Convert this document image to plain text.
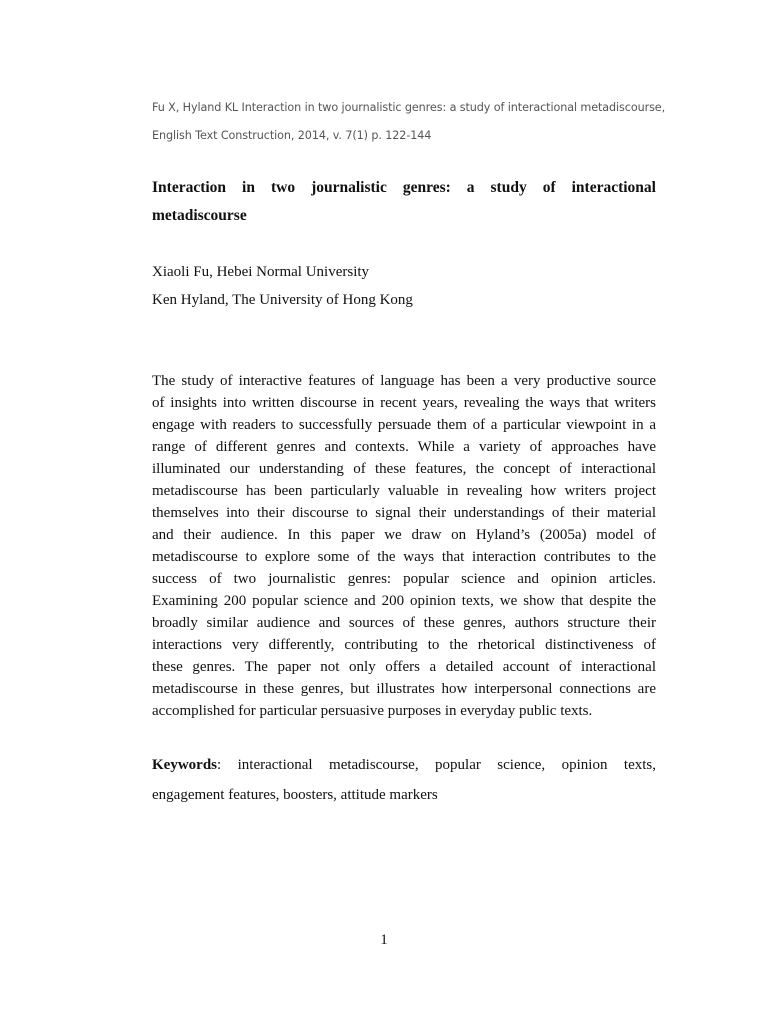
Fu X, Hyland KL Interaction in two journalistic genres: a study of interactional metadiscourse,
English Text Construction, 2014, v. 7(1) p. 122-144
Interaction in two journalistic genres: a study of interactional
metadiscourse
Xiaoli Fu, Hebei Normal University
Ken Hyland, The University of Hong Kong
The study of interactive features of language has been a very productive source
of insights into written discourse in recent years, revealing the ways that writers
engage with readers to successfully persuade them of a particular viewpoint in a
range of different genres and contexts. While a variety of approaches have
illuminated our understanding of these features, the concept of interactional
metadiscourse has been particularly valuable in revealing how writers project
themselves into their discourse to signal their understandings of their material
and their audience. In this paper we draw on Hyland’s (2005a) model of
metadiscourse to explore some of the ways that interaction contributes to the
success of two journalistic genres: popular science and opinion articles.
Examining 200 popular science and 200 opinion texts, we show that despite the
broadly similar audience and sources of these genres, authors structure their
interactions very differently, contributing to the rhetorical distinctiveness of
these genres. The paper not only offers a detailed account of interactional
metadiscourse in these genres, but illustrates how interpersonal connections are
accomplished for particular persuasive purposes in everyday public texts.
Keywords: interactional metadiscourse, popular science, opinion texts,
engagement features, boosters, attitude markers
1
